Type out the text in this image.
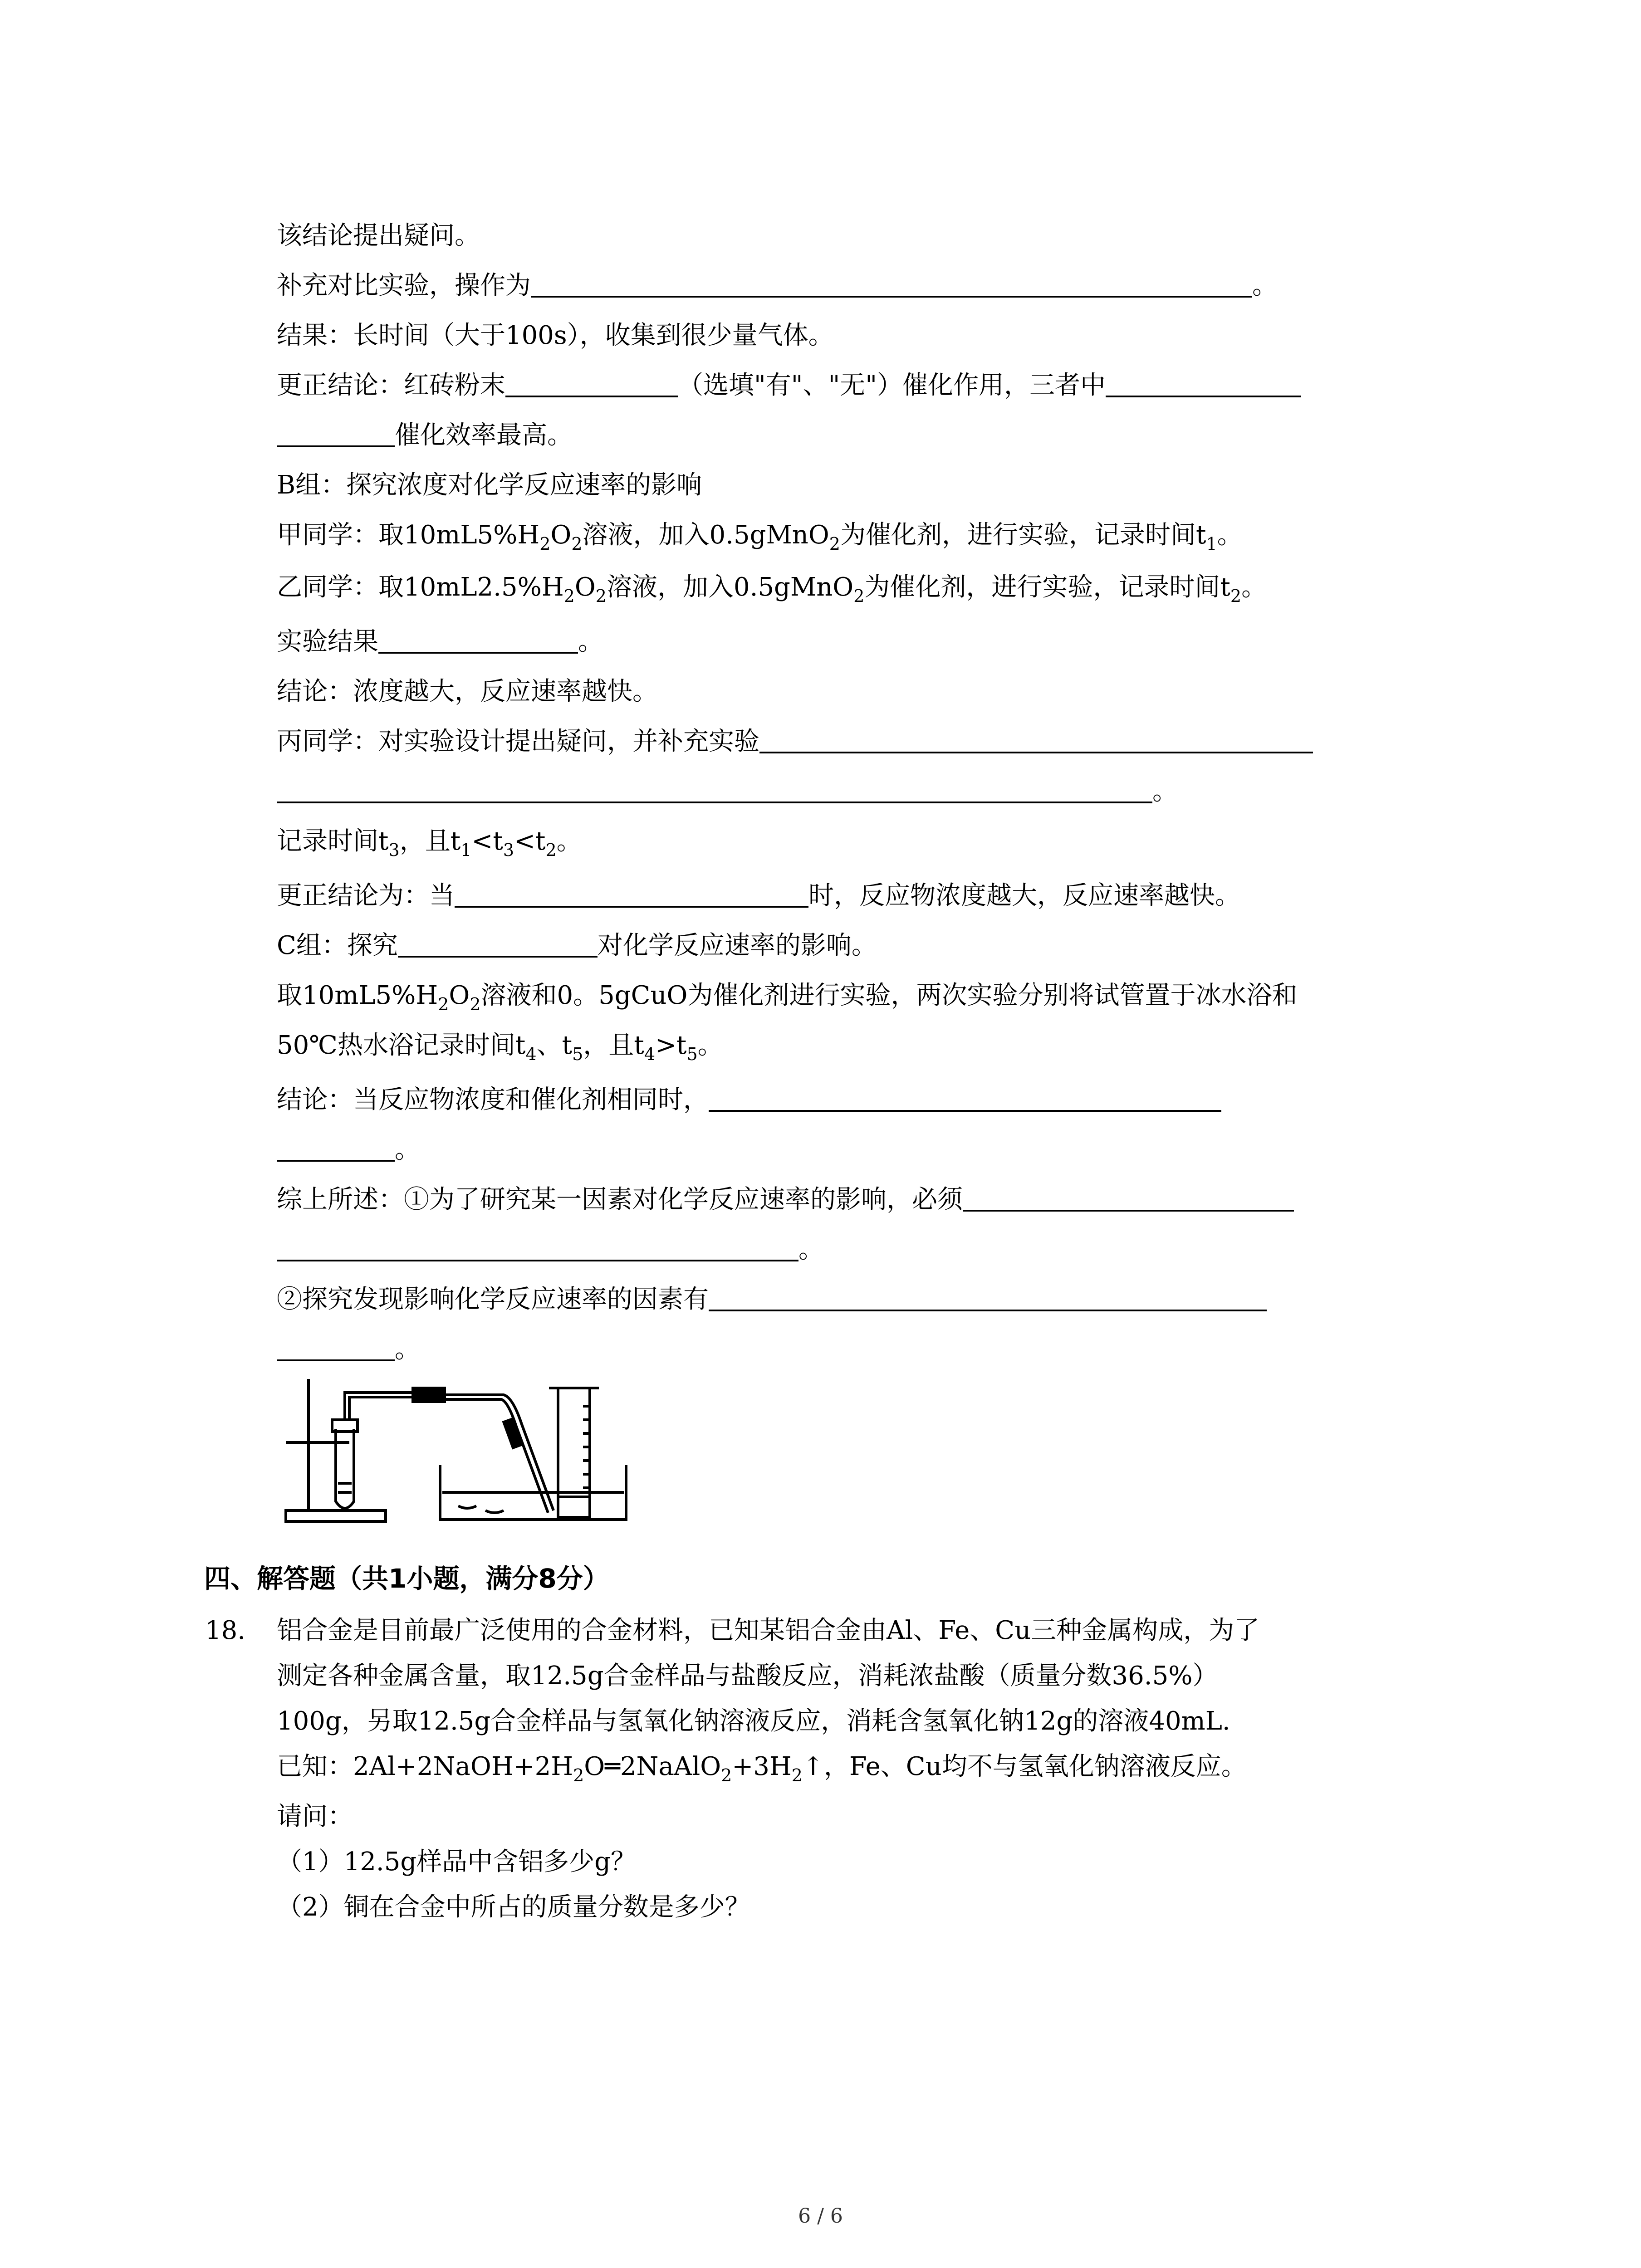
该结论提出疑问。
补充对比实验，操作为	。
结果：长时间（大于100s），收集到很少量气体。
更正结论：红砖粉末	（选填"有"、"无"）催化作用，三者中
催化效率最高。
B组：探究浓度对化学反应速率的影响
甲同学：取$10mL5\%H_2O_2$溶液，加入0.5gMnO$_2$为催化剂，进行实验，记录时间$t_1$。
乙同学：取$10mL2.5\%H_2O_2$溶液，加入0.5gMnO$_2$为催化剂，进行实验，记录时间$t_2$。
实验结果	。
结论：浓度越大，反应速率越快。
丙同学：对实验设计提出疑问，并补充实验
。
记录时间$t_3$，且$t_1<t_3<t_2$。
更正结论为：当	时，反应物浓度越大，反应速率越快。
C组：探究	对化学反应速率的影响。
取$10mL5\%H_2O_2$溶液和0。5gCuO为催化剂进行实验，两次实验分别将试管置于冰水浴和
50℃热水浴记录时间$t_4$、$t_5$，且$t_4>t_5$。
结论：当反应物浓度和催化剂相同时，
。
综上所述：①为了研究某一因素对化学反应速率的影响，必须
。
②探究发现影响化学反应速率的因素有
。
四、解答题（共1小题，满分8分）
18. 铝合金是目前最广泛使用的合金材料，已知某铝合金由Al、Fe、Cu三种金属构成，为了
测定各种金属含量，取12.5g合金样品与盐酸反应，消耗浓盐酸（质量分数36.5%）
100g，另取12.5g合金样品与氢氧化钠溶液反应，消耗含氢氧化钠12g的溶液40mL.
已知：$2Al+2NaOH+2H_2O═2NaAlO_2+3H_2↑$，Fe、Cu均不与氢氧化钠溶液反应。
请问：
（1）12.5g样品中含铝多少g？
（2）铜在合金中所占的质量分数是多少？
6 / 6
